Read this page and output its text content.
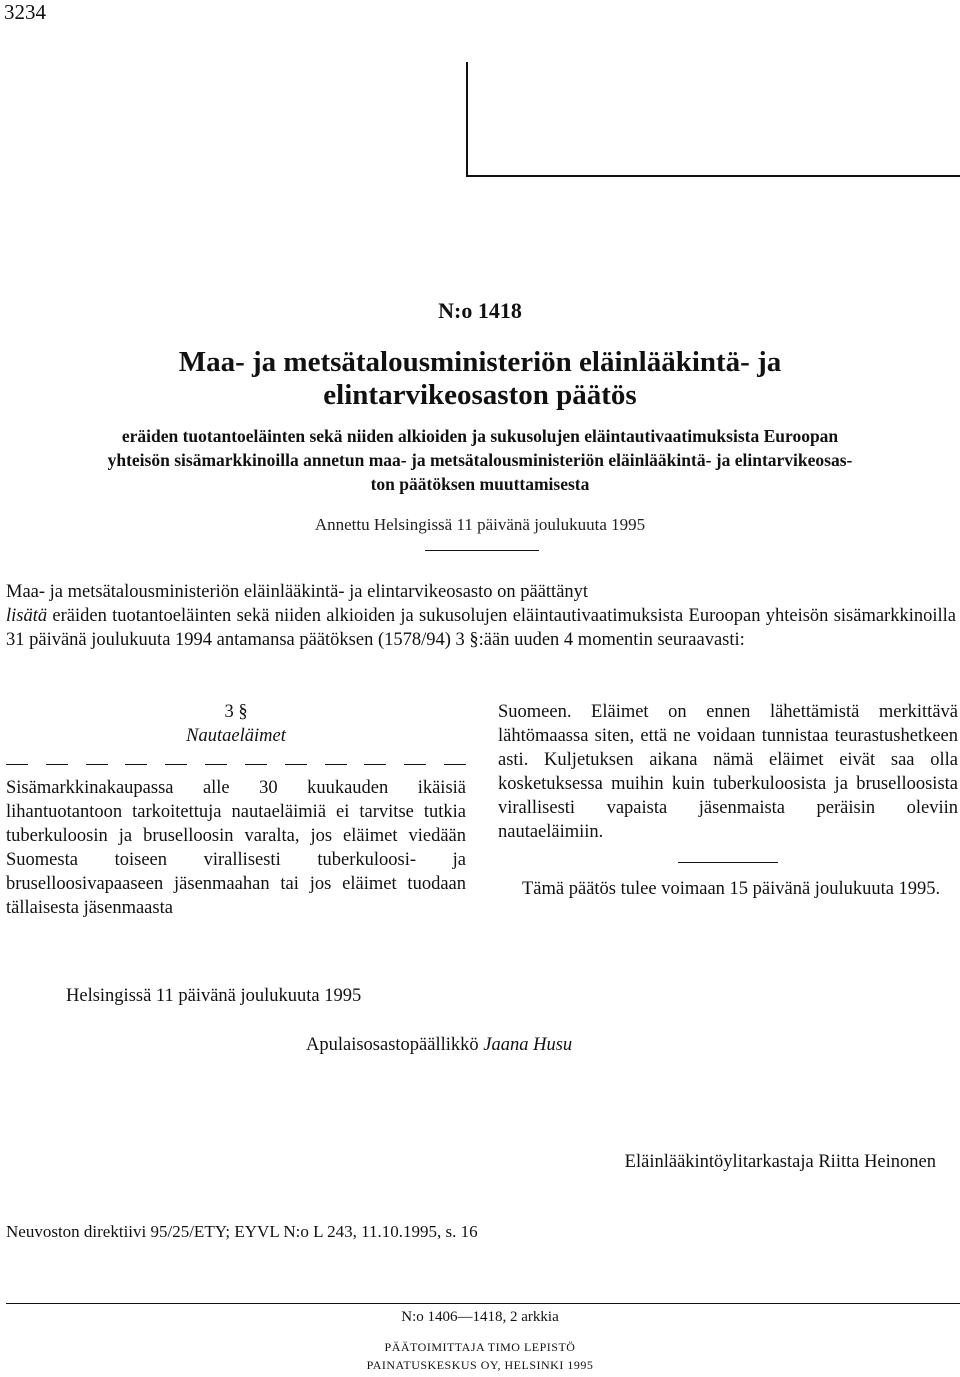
3234
N:o 1418
Maa- ja metsätalousministeriön eläinlääkintä- ja
elintarvikeosaston päätös
eräiden tuotantoeläinten sekä niiden alkioiden ja sukusolujen eläintautivaatimuksista Euroopan
yhteisön sisämarkkinoilla annetun maa- ja metsätalousministeriön eläinlääkintä- ja elintarvikeosas-
ton päätöksen muuttamisesta
Annettu Helsingissä 11 päivänä joulukuuta 1995
Maa- ja metsätalousministeriön eläinlääkintä- ja elintarvikeosasto on päättänyt
lisätä eräiden tuotantoeläinten sekä niiden alkioiden ja sukusolujen eläintautivaatimuksista Euroopan yhteisön sisämarkkinoilla 31 päivänä joulukuuta 1994 antamansa päätöksen (1578/94) 3 §:ään uuden 4 momentin seuraavasti:

3 §

Nautaeläimet

Sisämarkkinakaupassa alle 30 kuukauden ikäisiä lihantuotantoon tarkoitettuja nautaeläimiä ei tarvitse tutkia tuberkuloosin ja bruselloosin varalta, jos eläimet viedään Suomesta toiseen virallisesti tuberkuloosi- ja bruselloosivapaaseen jäsenmaahan tai jos eläimet tuodaan tällaisesta jäsenmaasta

Suomeen. Eläimet on ennen lähettämistä merkittävä lähtömaassa siten, että ne voidaan tunnistaa teurastushetkeen asti. Kuljetuksen aikana nämä eläimet eivät saa olla kosketuksessa muihin kuin tuberkuloosista ja bruselloosista virallisesti vapaista jäsenmaista peräisin oleviin nautaeläimiin.

Tämä päätös tulee voimaan 15 päivänä joulukuuta 1995.

Helsingissä 11 päivänä joulukuuta 1995
Apulaisosastopäällikkö Jaana Husu
Eläinlääkintöylitarkastaja Riitta Heinonen
Neuvoston direktiivi 95/25/ETY; EYVL N:o L 243, 11.10.1995, s. 16
N:o 1406—1418, 2 arkkia
PÄÄTOIMITTAJA TIMO LEPISTÖ
PAINATUSKESKUS OY, HELSINKI 1995
